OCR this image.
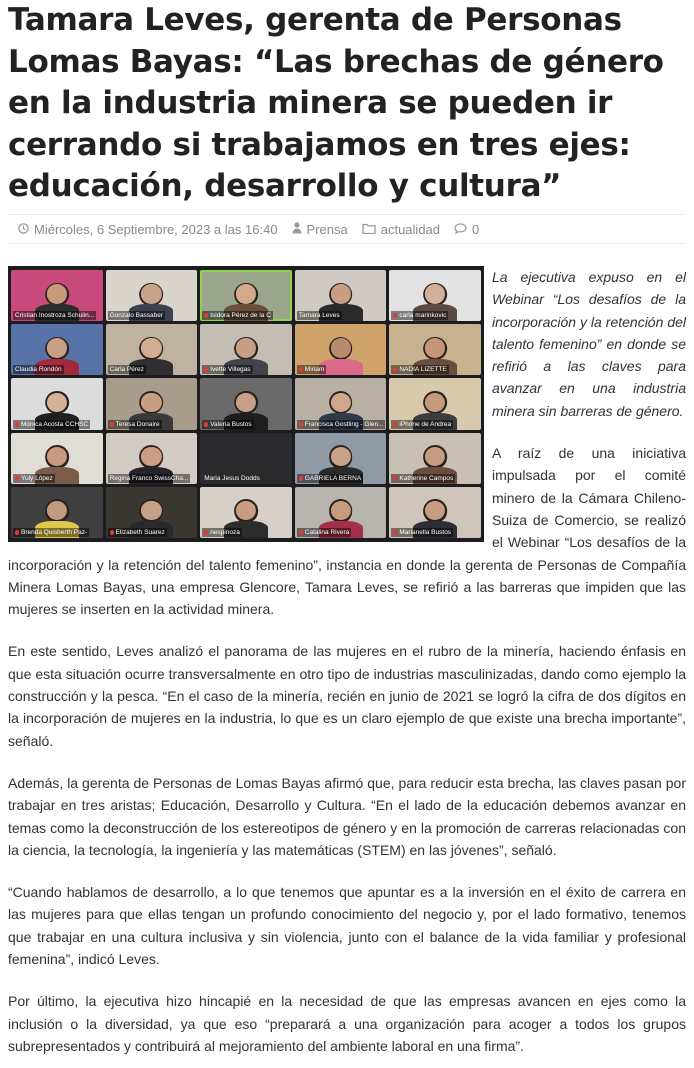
Tamara Leves, gerenta de Personas Lomas Bayas: “Las brechas de género en la industria minera se pueden ir cerrando si trabajamos en tres ejes: educación, desarrollo y cultura”
Miércoles, 6 Septiembre, 2023 a las 16:40 Prensa	actualidad 0
Cristian Inostroza Schulin...	Gonzalo Bassaber	Isidora Pérez de la C	Tamara Leves	carla marinkovic
Claudia Rondón	Carla Pérez	Ivette Villegas	Miriam	NADIA LIZETTE
Mónica Acosta CCHSC	Teresa Donaire	Valeria Bustos	Francisca Gostling - Glen...	iPhone de Andrea
Yuly López	Regina Franco SwissCha...	Maria Jesus Dodds	GABRIELA BERNA	Katherine Campos
Brenda Quisberth Paz-	Elizabeth Suarez	nespinoza	Catalina Rivera	Marianella Bustos

La ejecutiva expuso en el Webinar “Los desafíos de la incorporación y la retención del talento femenino” en donde se refirió a las claves para avanzar en una industria minera sin barreras de género.

A raíz de una iniciativa impulsada por el comité minero de la Cámara Chileno-Suiza de Comercio, se realizó el Webinar “Los desafíos de la incorporación y la retención del talento femenino”, instancia en donde la gerenta de Personas de Compañía Minera Lomas Bayas, una empresa Glencore, Tamara Leves, se refirió a las barreras que impiden que las mujeres se inserten en la actividad minera.

En este sentido, Leves analizó el panorama de las mujeres en el rubro de la minería, haciendo énfasis en que esta situación ocurre transversalmente en otro tipo de industrias masculinizadas, dando como ejemplo la construcción y la pesca. “En el caso de la minería, recién en junio de 2021 se logró la cifra de dos dígitos en la incorporación de mujeres en la industria, lo que es un claro ejemplo de que existe una brecha importante”, señaló.

Además, la gerenta de Personas de Lomas Bayas afirmó que, para reducir esta brecha, las claves pasan por trabajar en tres aristas; Educación, Desarrollo y Cultura. “En el lado de la educación debemos avanzar en temas como la deconstrucción de los estereotipos de género y en la promoción de carreras relacionadas con la ciencia, la tecnología, la ingeniería y las matemáticas (STEM) en las jóvenes”, señaló.

“Cuando hablamos de desarrollo, a lo que tenemos que apuntar es a la inversión en el éxito de carrera en las mujeres para que ellas tengan un profundo conocimiento del negocio y, por el lado formativo, tenemos que trabajar en una cultura inclusiva y sin violencia, junto con el balance de la vida familiar y profesional femenina”, indicó Leves.

Por último, la ejecutiva hizo hincapié en la necesidad de que las empresas avancen en ejes como la inclusión o la diversidad, ya que eso “preparará a una organización para acoger a todos los grupos subrepresentados y contribuirá al mejoramiento del ambiente laboral en una firma”.
